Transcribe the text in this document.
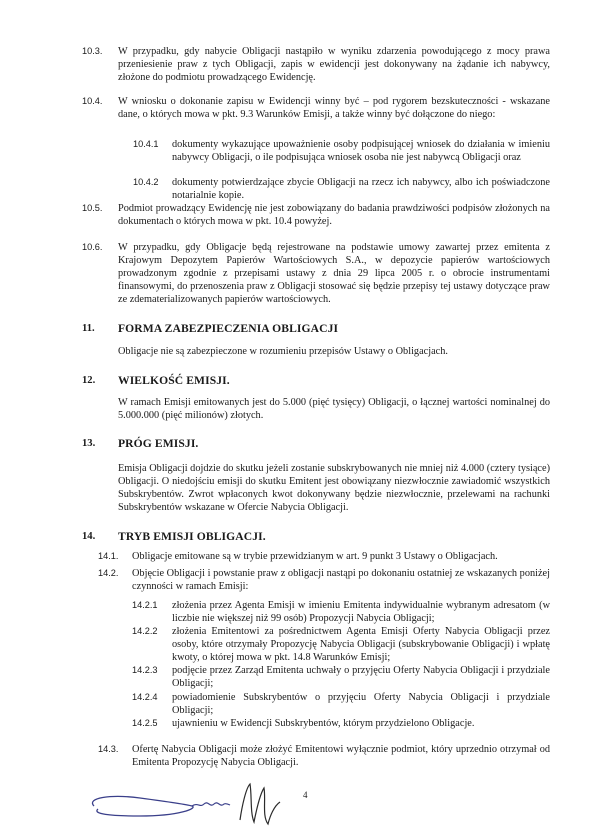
10.3. W przypadku, gdy nabycie Obligacji nastąpiło w wyniku zdarzenia powodującego z mocy prawa przeniesienie praw z tych Obligacji, zapis w ewidencji jest dokonywany na żądanie ich nabywcy, złożone do podmiotu prowadzącego Ewidencję.
10.4. W wniosku o dokonanie zapisu w Ewidencji winny być – pod rygorem bezskuteczności - wskazane dane, o których mowa w pkt. 9.3 Warunków Emisji, a także winny być dołączone do niego:
10.4.1 dokumenty wykazujące upoważnienie osoby podpisującej wniosek do działania w imieniu nabywcy Obligacji, o ile podpisująca wniosek osoba nie jest nabywcą Obligacji oraz
10.4.2 dokumenty potwierdzające zbycie Obligacji na rzecz ich nabywcy, albo ich poświadczone notarialnie kopie.
10.5. Podmiot prowadzący Ewidencję nie jest zobowiązany do badania prawdziwości podpisów złożonych na dokumentach o których mowa w pkt. 10.4 powyżej.
10.6. W przypadku, gdy Obligacje będą rejestrowane na podstawie umowy zawartej przez emitenta z Krajowym Depozytem Papierów Wartościowych S.A., w depozycie papierów wartościowych prowadzonym zgodnie z przepisami ustawy z dnia 29 lipca 2005 r. o obrocie instrumentami finansowymi, do przenoszenia praw z Obligacji stosować się będzie przepisy tej ustawy dotyczące praw ze zdematerializowanych papierów wartościowych.
11. FORMA ZABEZPIECZENIA OBLIGACJI
Obligacje nie są zabezpieczone w rozumieniu przepisów Ustawy o Obligacjach.
12. WIELKOŚĆ EMISJI.
W ramach Emisji emitowanych jest do 5.000 (pięć tysięcy) Obligacji, o łącznej wartości nominalnej do 5.000.000 (pięć milionów) złotych.
13. PRÓG EMISJI.
Emisja Obligacji dojdzie do skutku jeżeli zostanie subskrybowanych nie mniej niż 4.000 (cztery tysiące) Obligacji. O niedojściu emisji do skutku Emitent jest obowiązany niezwłocznie zawiadomić wszystkich Subskrybentów. Zwrot wpłaconych kwot dokonywany będzie niezwłocznie, przelewami na rachunki Subskrybentów wskazane w Ofercie Nabycia Obligacji.
14. TRYB EMISJI OBLIGACJI.
14.1. Obligacje emitowane są w trybie przewidzianym w art. 9 punkt 3 Ustawy o Obligacjach.
14.2. Objęcie Obligacji i powstanie praw z obligacji nastąpi po dokonaniu ostatniej ze wskazanych poniżej czynności w ramach Emisji:
14.2.1 złożenia przez Agenta Emisji w imieniu Emitenta indywidualnie wybranym adresatom (w liczbie nie większej niż 99 osób) Propozycji Nabycia Obligacji;
14.2.2 złożenia Emitentowi za pośrednictwem Agenta Emisji Oferty Nabycia Obligacji przez osoby, które otrzymały Propozycję Nabycia Obligacji (subskrybowanie Obligacji) i wpłatę kwoty, o której mowa w pkt. 14.8 Warunków Emisji;
14.2.3 podjęcie przez Zarząd Emitenta uchwały o przyjęciu Oferty Nabycia Obligacji i przydziale Obligacji;
14.2.4 powiadomienie Subskrybentów o przyjęciu Oferty Nabycia Obligacji i przydziale Obligacji;
14.2.5 ujawnieniu w Ewidencji Subskrybentów, którym przydzielono Obligacje.
14.3. Ofertę Nabycia Obligacji może złożyć Emitentowi wyłącznie podmiot, który uprzednio otrzymał od Emitenta Propozycję Nabycia Obligacji.
4
